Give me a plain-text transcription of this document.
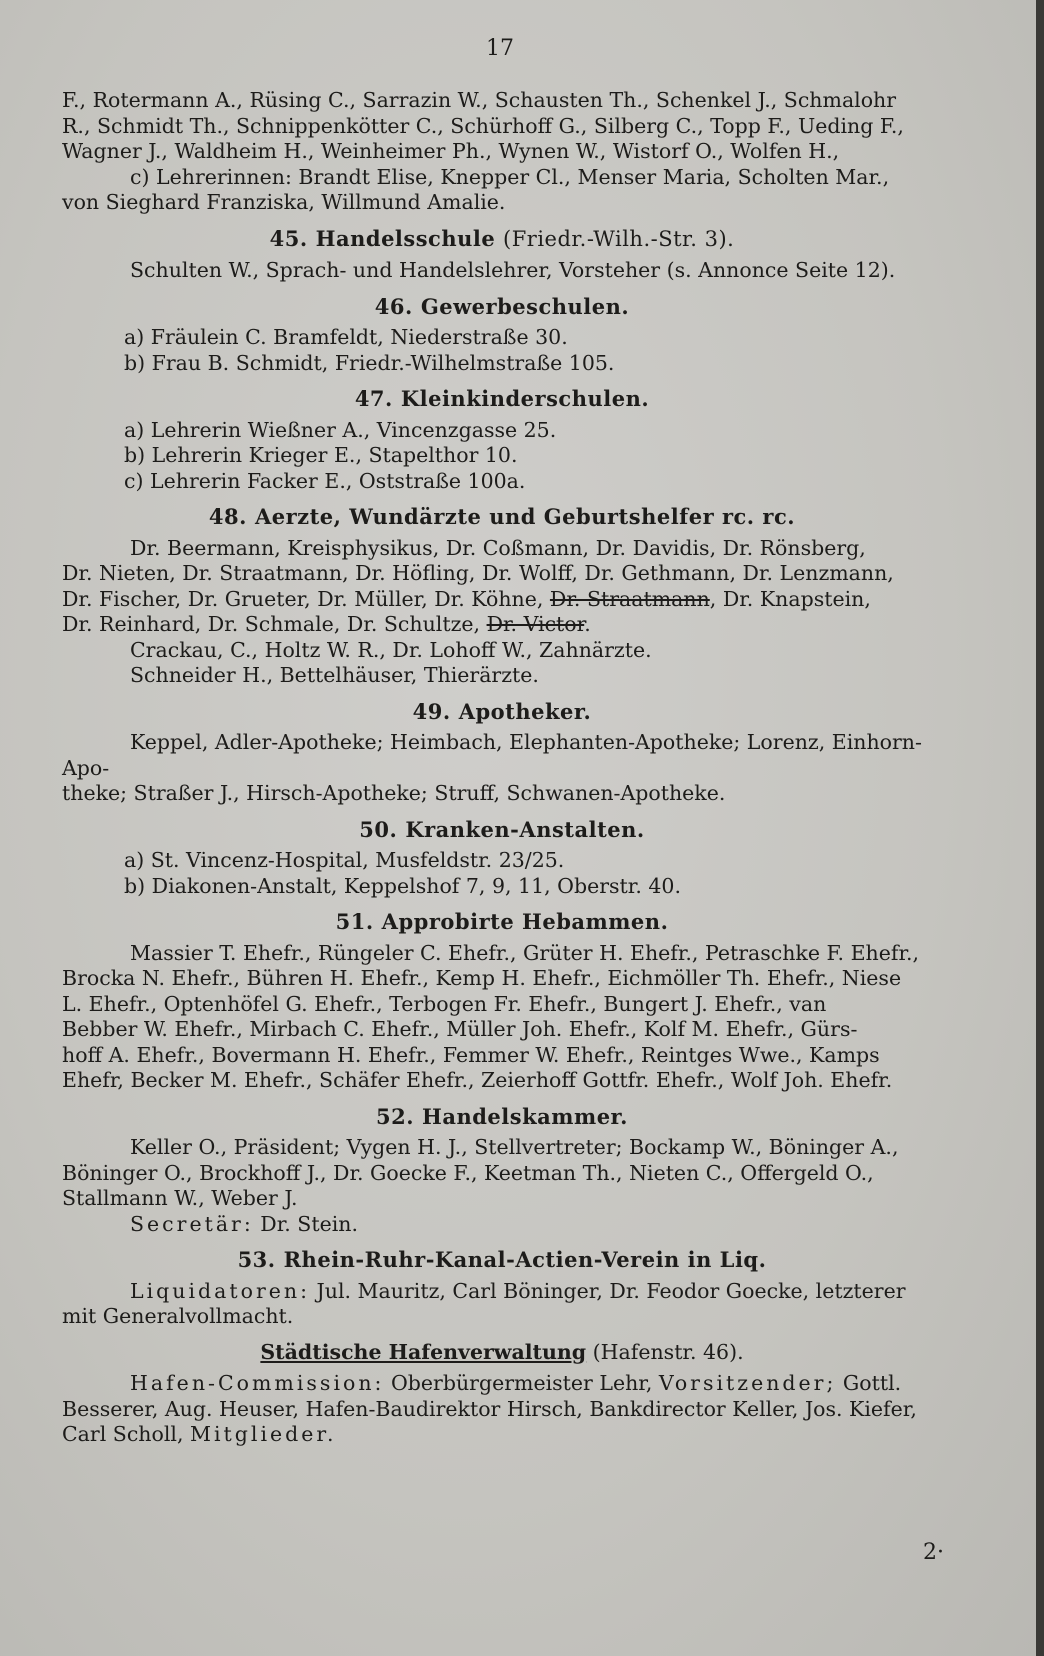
17

F., Rotermann A., Rüsing C., Sarrazin W., Schausten Th., Schenkel J., Schmalohr

R., Schmidt Th., Schnippenkötter C., Schürhoff G., Silberg C., Topp F., Ueding F.,

Wagner J., Waldheim H., Weinheimer Ph., Wynen W., Wistorf O., Wolfen H.,

c) Lehrerinnen: Brandt Elise, Knepper Cl., Menser Maria, Scholten Mar.,

von Sieghard Franziska, Willmund Amalie.

45. Handelsschule (Friedr.-Wilh.-Str. 3).

Schulten W., Sprach- und Handelslehrer, Vorsteher (s. Annonce Seite 12).

46. Gewerbeschulen.

a) Fräulein C. Bramfeldt, Niederstraße 30.

b) Frau B. Schmidt, Friedr.-Wilhelmstraße 105.

47. Kleinkinderschulen.

a) Lehrerin Wießner A., Vincenzgasse 25.

b) Lehrerin Krieger E., Stapelthor 10.

c) Lehrerin Facker E., Oststraße 100a.

48. Aerzte, Wundärzte und Geburtshelfer rc. rc.

Dr. Beermann, Kreisphysikus, Dr. Coßmann, Dr. Davidis, Dr. Rönsberg,

Dr. Nieten, Dr. Straatmann, Dr. Höfling, Dr. Wolff, Dr. Gethmann, Dr. Lenzmann,

Dr. Fischer, Dr. Grueter, Dr. Müller, Dr. Köhne, Dr. Straatmann, Dr. Knapstein,

Dr. Reinhard, Dr. Schmale, Dr. Schultze, Dr. Victor.

Crackau, C., Holtz W. R., Dr. Lohoff W., Zahnärzte.

Schneider H., Bettelhäuser, Thierärzte.

49. Apotheker.

Keppel, Adler-Apotheke; Heimbach, Elephanten-Apotheke; Lorenz, Einhorn-Apo-

theke; Straßer J., Hirsch-Apotheke; Struff, Schwanen-Apotheke.

50. Kranken-Anstalten.

a) St. Vincenz-Hospital, Musfeldstr. 23/25.

b) Diakonen-Anstalt, Keppelshof 7, 9, 11, Oberstr. 40.

51. Approbirte Hebammen.

Massier T. Ehefr., Rüngeler C. Ehefr., Grüter H. Ehefr., Petraschke F. Ehefr.,

Brocka N. Ehefr., Bühren H. Ehefr., Kemp H. Ehefr., Eichmöller Th. Ehefr., Niese

L. Ehefr., Optenhöfel G. Ehefr., Terbogen Fr. Ehefr., Bungert J. Ehefr., van

Bebber W. Ehefr., Mirbach C. Ehefr., Müller Joh. Ehefr., Kolf M. Ehefr., Gürs-

hoff A. Ehefr., Bovermann H. Ehefr., Femmer W. Ehefr., Reintges Wwe., Kamps

Ehefr, Becker M. Ehefr., Schäfer Ehefr., Zeierhoff Gottfr. Ehefr., Wolf Joh. Ehefr.

52. Handelskammer.

Keller O., Präsident; Vygen H. J., Stellvertreter; Bockamp W., Böninger A.,

Böninger O., Brockhoff J., Dr. Goecke F., Keetman Th., Nieten C., Offergeld O.,

Stallmann W., Weber J.

Secretär: Dr. Stein.

53. Rhein-Ruhr-Kanal-Actien-Verein in Liq.

Liquidatoren: Jul. Mauritz, Carl Böninger, Dr. Feodor Goecke, letzterer

mit Generalvollmacht.

Städtische Hafenverwaltung (Hafenstr. 46).

Hafen-Commission: Oberbürgermeister Lehr, Vorsitzender; Gottl.

Besserer, Aug. Heuser, Hafen-Baudirektor Hirsch, Bankdirector Keller, Jos. Kiefer,

Carl Scholl, Mitglieder.

2·
